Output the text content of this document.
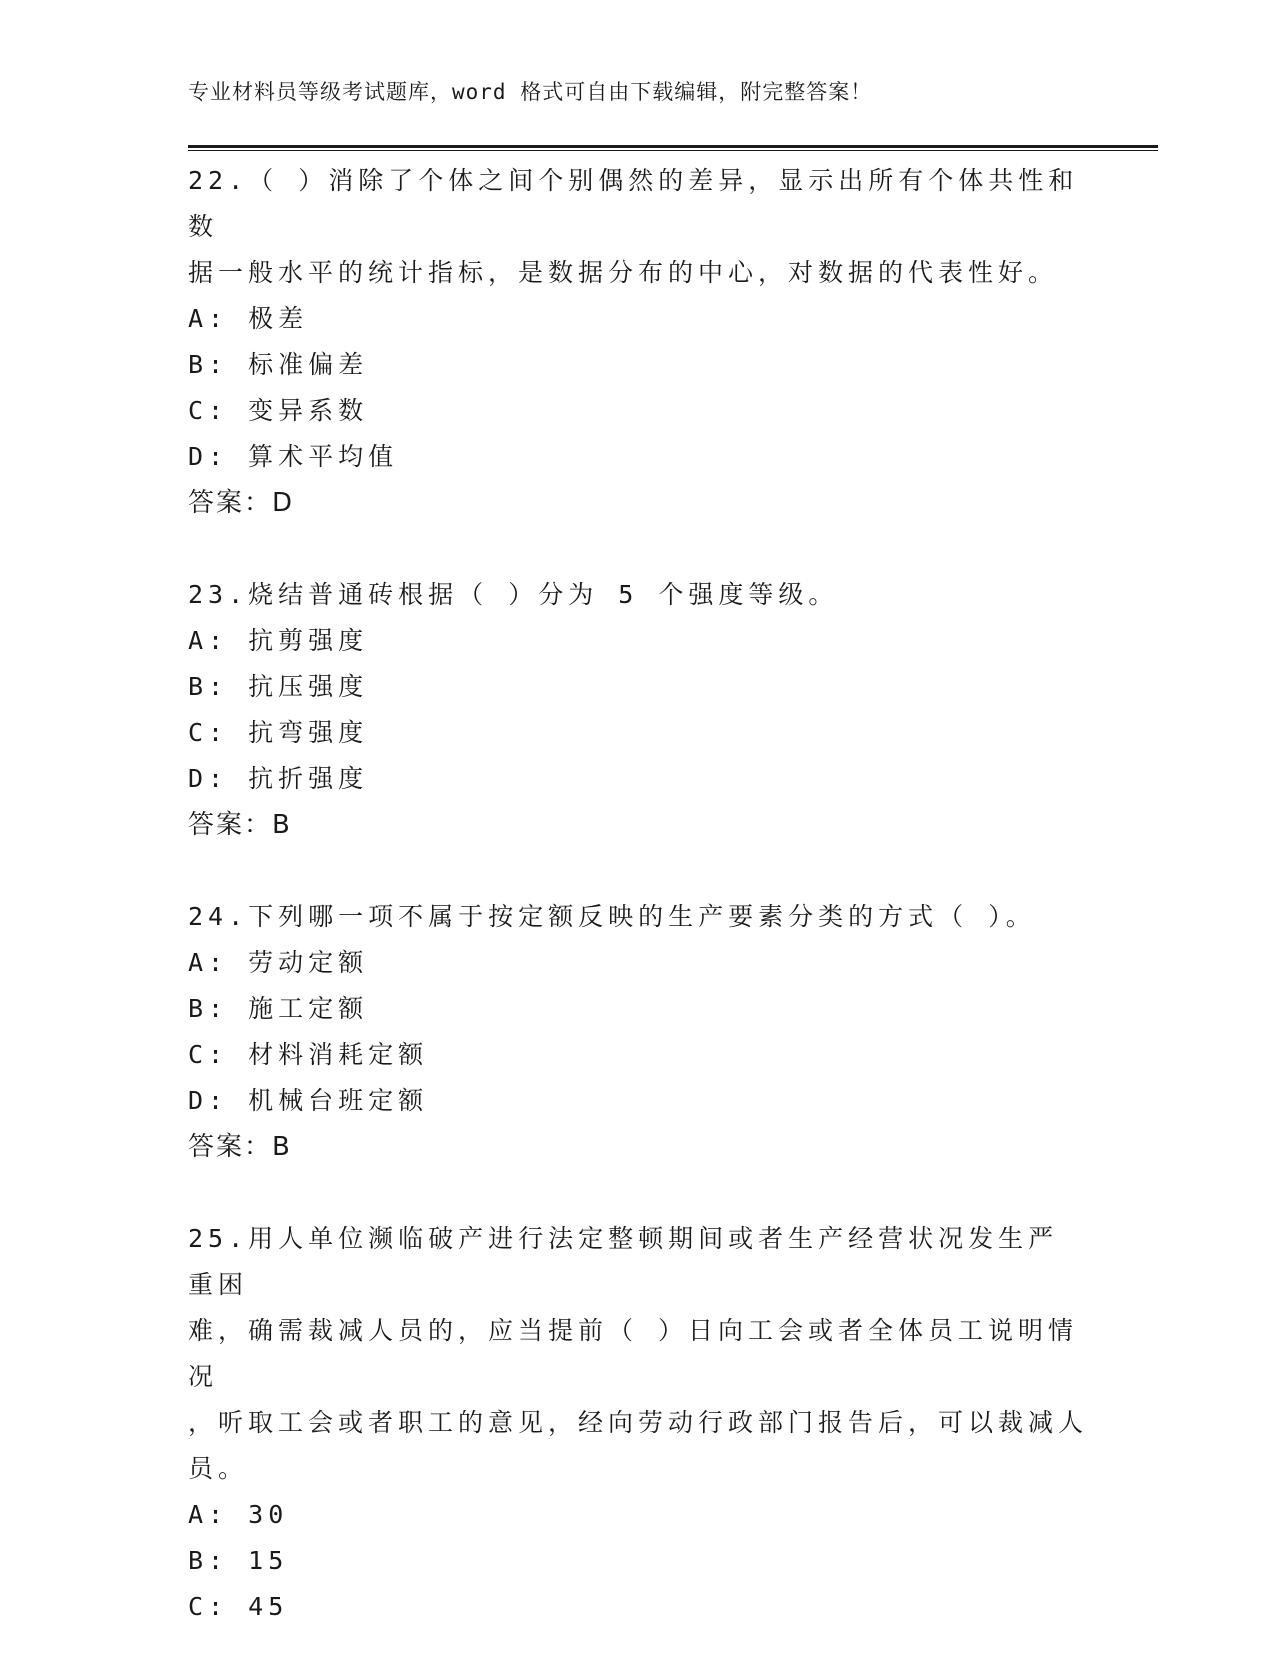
专业材料员等级考试题库，word 格式可自由下载编辑，附完整答案！
22.（ ）消除了个体之间个别偶然的差异，显示出所有个体共性和数
据一般水平的统计指标，是数据分布的中心，对数据的代表性好。
A: 极差
B: 标准偏差
C: 变异系数
D: 算术平均值
答案：D
23.烧结普通砖根据（ ）分为 5 个强度等级。
A: 抗剪强度
B: 抗压强度
C: 抗弯强度
D: 抗折强度
答案：B
24.下列哪一项不属于按定额反映的生产要素分类的方式（ ）。
A: 劳动定额
B: 施工定额
C: 材料消耗定额
D: 机械台班定额
答案：B
25.用人单位濒临破产进行法定整顿期间或者生产经营状况发生严重困
难，确需裁减人员的，应当提前（ ）日向工会或者全体员工说明情况
，听取工会或者职工的意见，经向劳动行政部门报告后，可以裁减人
员。
A: 30
B: 15
C: 45
